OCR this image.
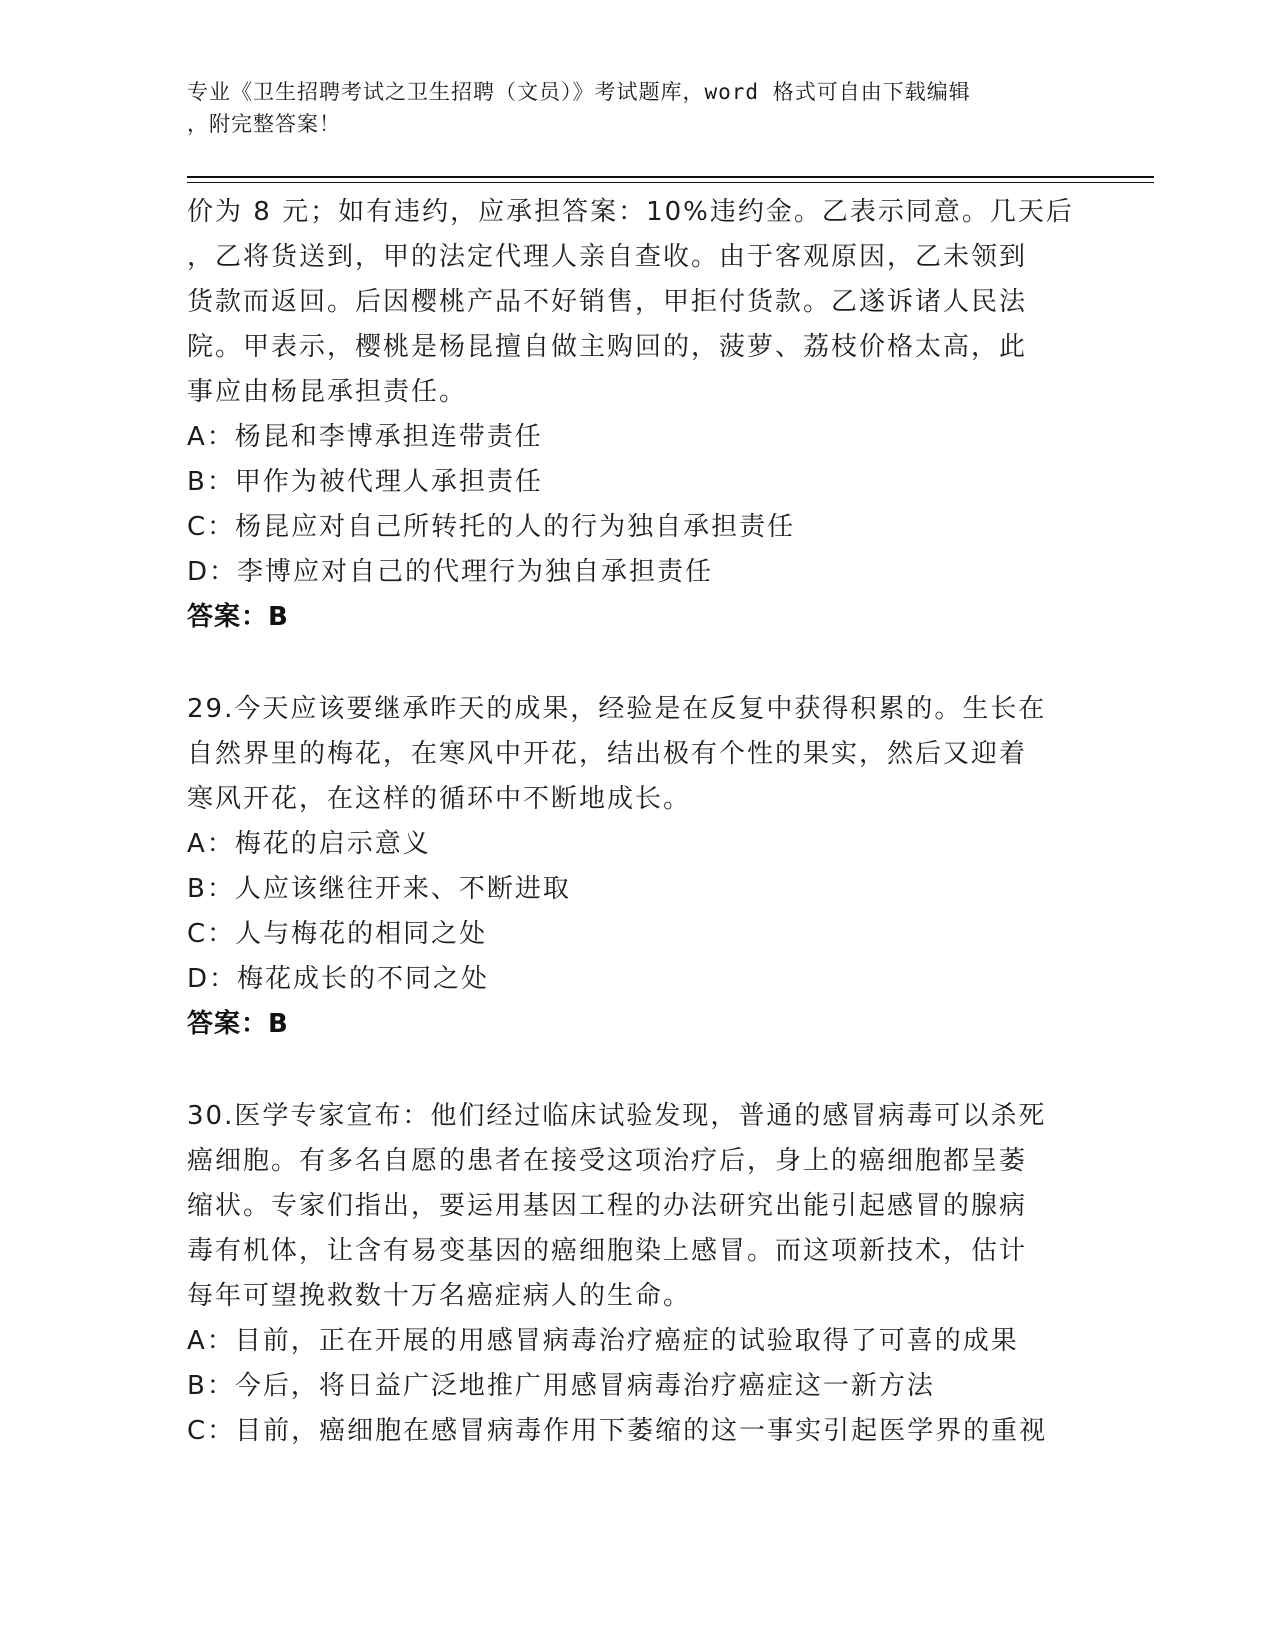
专业《卫生招聘考试之卫生招聘（文员）》考试题库，word 格式可自由下载编辑
，附完整答案！
价为 8 元；如有违约，应承担答案：10%违约金。乙表示同意。几天后
，乙将货送到，甲的法定代理人亲自查收。由于客观原因，乙未领到
货款而返回。后因樱桃产品不好销售，甲拒付货款。乙遂诉诸人民法
院。甲表示，樱桃是杨昆擅自做主购回的，菠萝、荔枝价格太高，此
事应由杨昆承担责任。
A：杨昆和李博承担连带责任
B：甲作为被代理人承担责任
C：杨昆应对自己所转托的人的行为独自承担责任
D：李博应对自己的代理行为独自承担责任
答案：B
29.今天应该要继承昨天的成果，经验是在反复中获得积累的。生长在
自然界里的梅花，在寒风中开花，结出极有个性的果实，然后又迎着
寒风开花，在这样的循环中不断地成长。
A：梅花的启示意义
B：人应该继往开来、不断进取
C：人与梅花的相同之处
D：梅花成长的不同之处
答案：B
30.医学专家宣布：他们经过临床试验发现，普通的感冒病毒可以杀死
癌细胞。有多名自愿的患者在接受这项治疗后，身上的癌细胞都呈萎
缩状。专家们指出，要运用基因工程的办法研究出能引起感冒的腺病
毒有机体，让含有易变基因的癌细胞染上感冒。而这项新技术，估计
每年可望挽救数十万名癌症病人的生命。
A：目前，正在开展的用感冒病毒治疗癌症的试验取得了可喜的成果
B：今后，将日益广泛地推广用感冒病毒治疗癌症这一新方法
C：目前，癌细胞在感冒病毒作用下萎缩的这一事实引起医学界的重视
